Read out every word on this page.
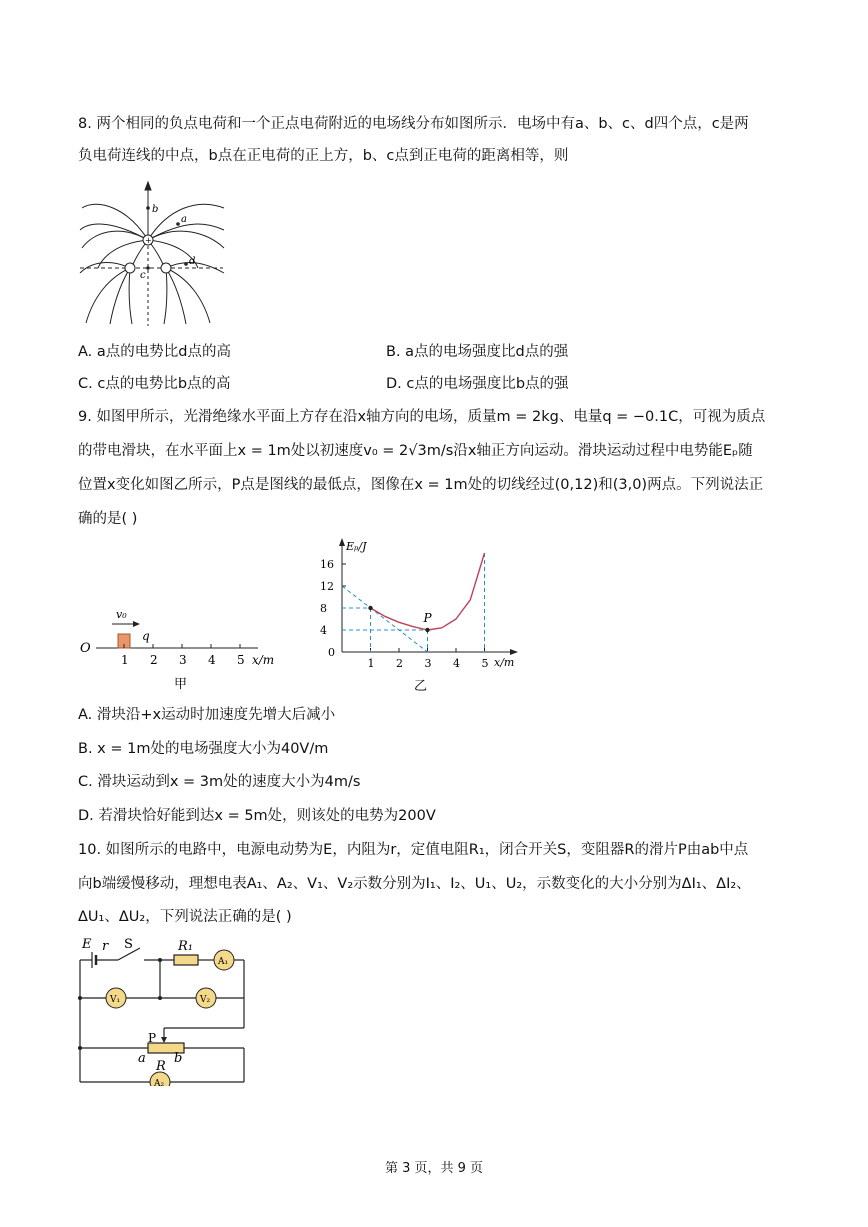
8. 两个相同的负点电荷和一个正点电荷附近的电场线分布如图所示．电场中有a、b、c、d四个点，c是两
负电荷连线的中点，b点在正电荷的正上方，b、c点到正电荷的距离相等，则
+
b
a
c
d
A. a点的电势比d点的高	B. a点的电场强度比d点的强
C. c点的电势比b点的高	D. c点的电场强度比b点的强
9. 如图甲所示，光滑绝缘水平面上方存在沿x轴方向的电场，质量m = 2kg、电量q = −0.1C，可视为质点
的带电滑块，在水平面上x = 1m处以初速度v₀ = 2√3m/s沿x轴正方向运动。滑块运动过程中电势能Eₚ随
位置x变化如图乙所示，P点是图线的最低点，图像在x = 1m处的切线经过(0,12)和(3,0)两点。下列说法正
确的是( )
O
v₀
q
1 2 3 4 5 x/m
甲
Eₚ/J
x/m
0
16
12
8
4
1 2 3 4 5
P
乙
A. 滑块沿+x运动时加速度先增大后减小
B. x = 1m处的电场强度大小为40V/m
C. 滑块运动到x = 3m处的速度大小为4m/s
D. 若滑块恰好能到达x = 5m处，则该处的电势为200V
10. 如图所示的电路中，电源电动势为E，内阻为r，定值电阻R₁，闭合开关S，变阻器R的滑片P由ab中点
向b端缓慢移动，理想电表A₁、A₂、V₁、V₂示数分别为I₁、I₂、U₁、U₂，示数变化的大小分别为ΔI₁、ΔI₂、
ΔU₁、ΔU₂，下列说法正确的是( )
E r S	R₁
A₁
V₁	V₂
P
a b
R
A₂
第 3 页，共 9 页
